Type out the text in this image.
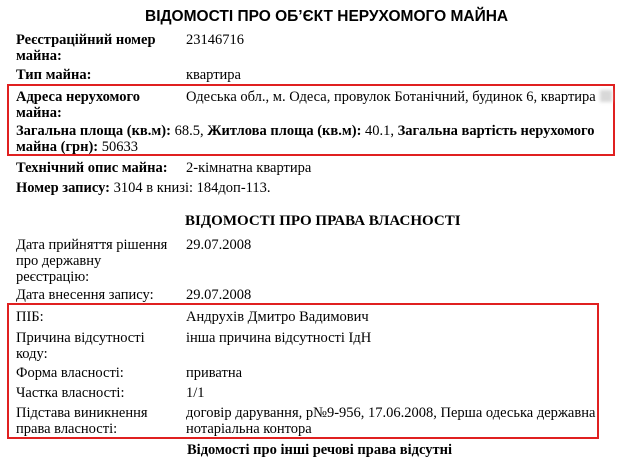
ВІДОМОСТІ ПРО ОБ’ЄКТ НЕРУХОМОГО МАЙНА
Реєстраційний номер
майна:
23146716
Тип майна:	квартира
Адреса нерухомого
майна:
Одеська обл., м. Одеса, провулок Ботанічний, будинок 6, квартира
Загальна площа (кв.м): 68.5, Житлова площа (кв.м): 40.1, Загальна вартість нерухомого
майна (грн): 50633
Технічний опис майна: 2-кімнатна квартира
Номер запису: 3104 в книзі: 184доп-113.
ВІДОМОСТІ ПРО ПРАВА ВЛАСНОСТІ
Дата прийняття рішення
про державну
реєстрацію:
29.07.2008
Дата внесення запису: 29.07.2008
ПІБ:	Андрухів Дмитро Вадимович
Причина відсутності
коду:
інша причина відсутності ІдН
Форма власності:	приватна
Частка власності:	1/1
Підстава виникнення
права власності:
договір дарування, р№9-956, 17.06.2008, Перша одеська державна
нотаріальна контора
Відомості про інші речові права відсутні
